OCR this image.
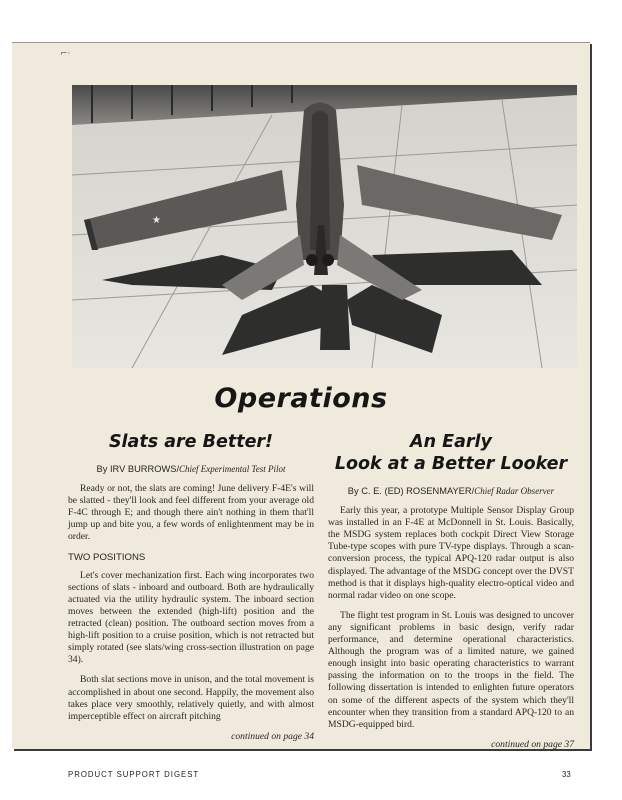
⌐·
★
Operations
Slats are Better!
By IRV BURROWS/Chief Experimental Test Pilot

Ready or not, the slats are coming! June delivery F-4E's will be slatted - they'll look and feel different from your average old F-4C through E; and though there ain't nothing in them that'll jump up and bite you, a few words of enlightenment may be in order.

TWO POSITIONS

Let's cover mechanization first. Each wing incorporates two sections of slats - inboard and outboard. Both are hydraulically actuated via the utility hydraulic system. The inboard section moves between the extended (high-lift) position and the retracted (clean) position. The outboard section moves from a high-lift position to a cruise position, which is not retracted but simply rotated (see slats/wing cross-section illustration on page 34).

Both slat sections move in unison, and the total movement is accomplished in about one second. Happily, the movement also takes place very smoothly, relatively quietly, and with almost imperceptible effect on aircraft pitching

continued on page 34
An Early
Look at a Better Looker
By C. E. (ED) ROSENMAYER/Chief Radar Observer

Early this year, a prototype Multiple Sensor Display Group was installed in an F-4E at McDonnell in St. Louis. Basically, the MSDG system replaces both cockpit Direct View Storage Tube-type scopes with pure TV-type displays. Through a scan-conversion process, the typical APQ-120 radar output is also displayed. The advantage of the MSDG concept over the DVST method is that it displays high-quality electro-optical video and normal radar video on one scope.

The flight test program in St. Louis was designed to uncover any significant problems in basic design, verify radar performance, and determine operational characteristics. Although the program was of a limited nature, we gained enough insight into basic operating characteristics to warrant passing the information on to the troops in the field. The following dissertation is intended to enlighten future operators on some of the different aspects of the system which they'll encounter when they transition from a standard APQ-120 to an MSDG-equipped bird.

continued on page 37
PRODUCT SUPPORT DIGEST	33
